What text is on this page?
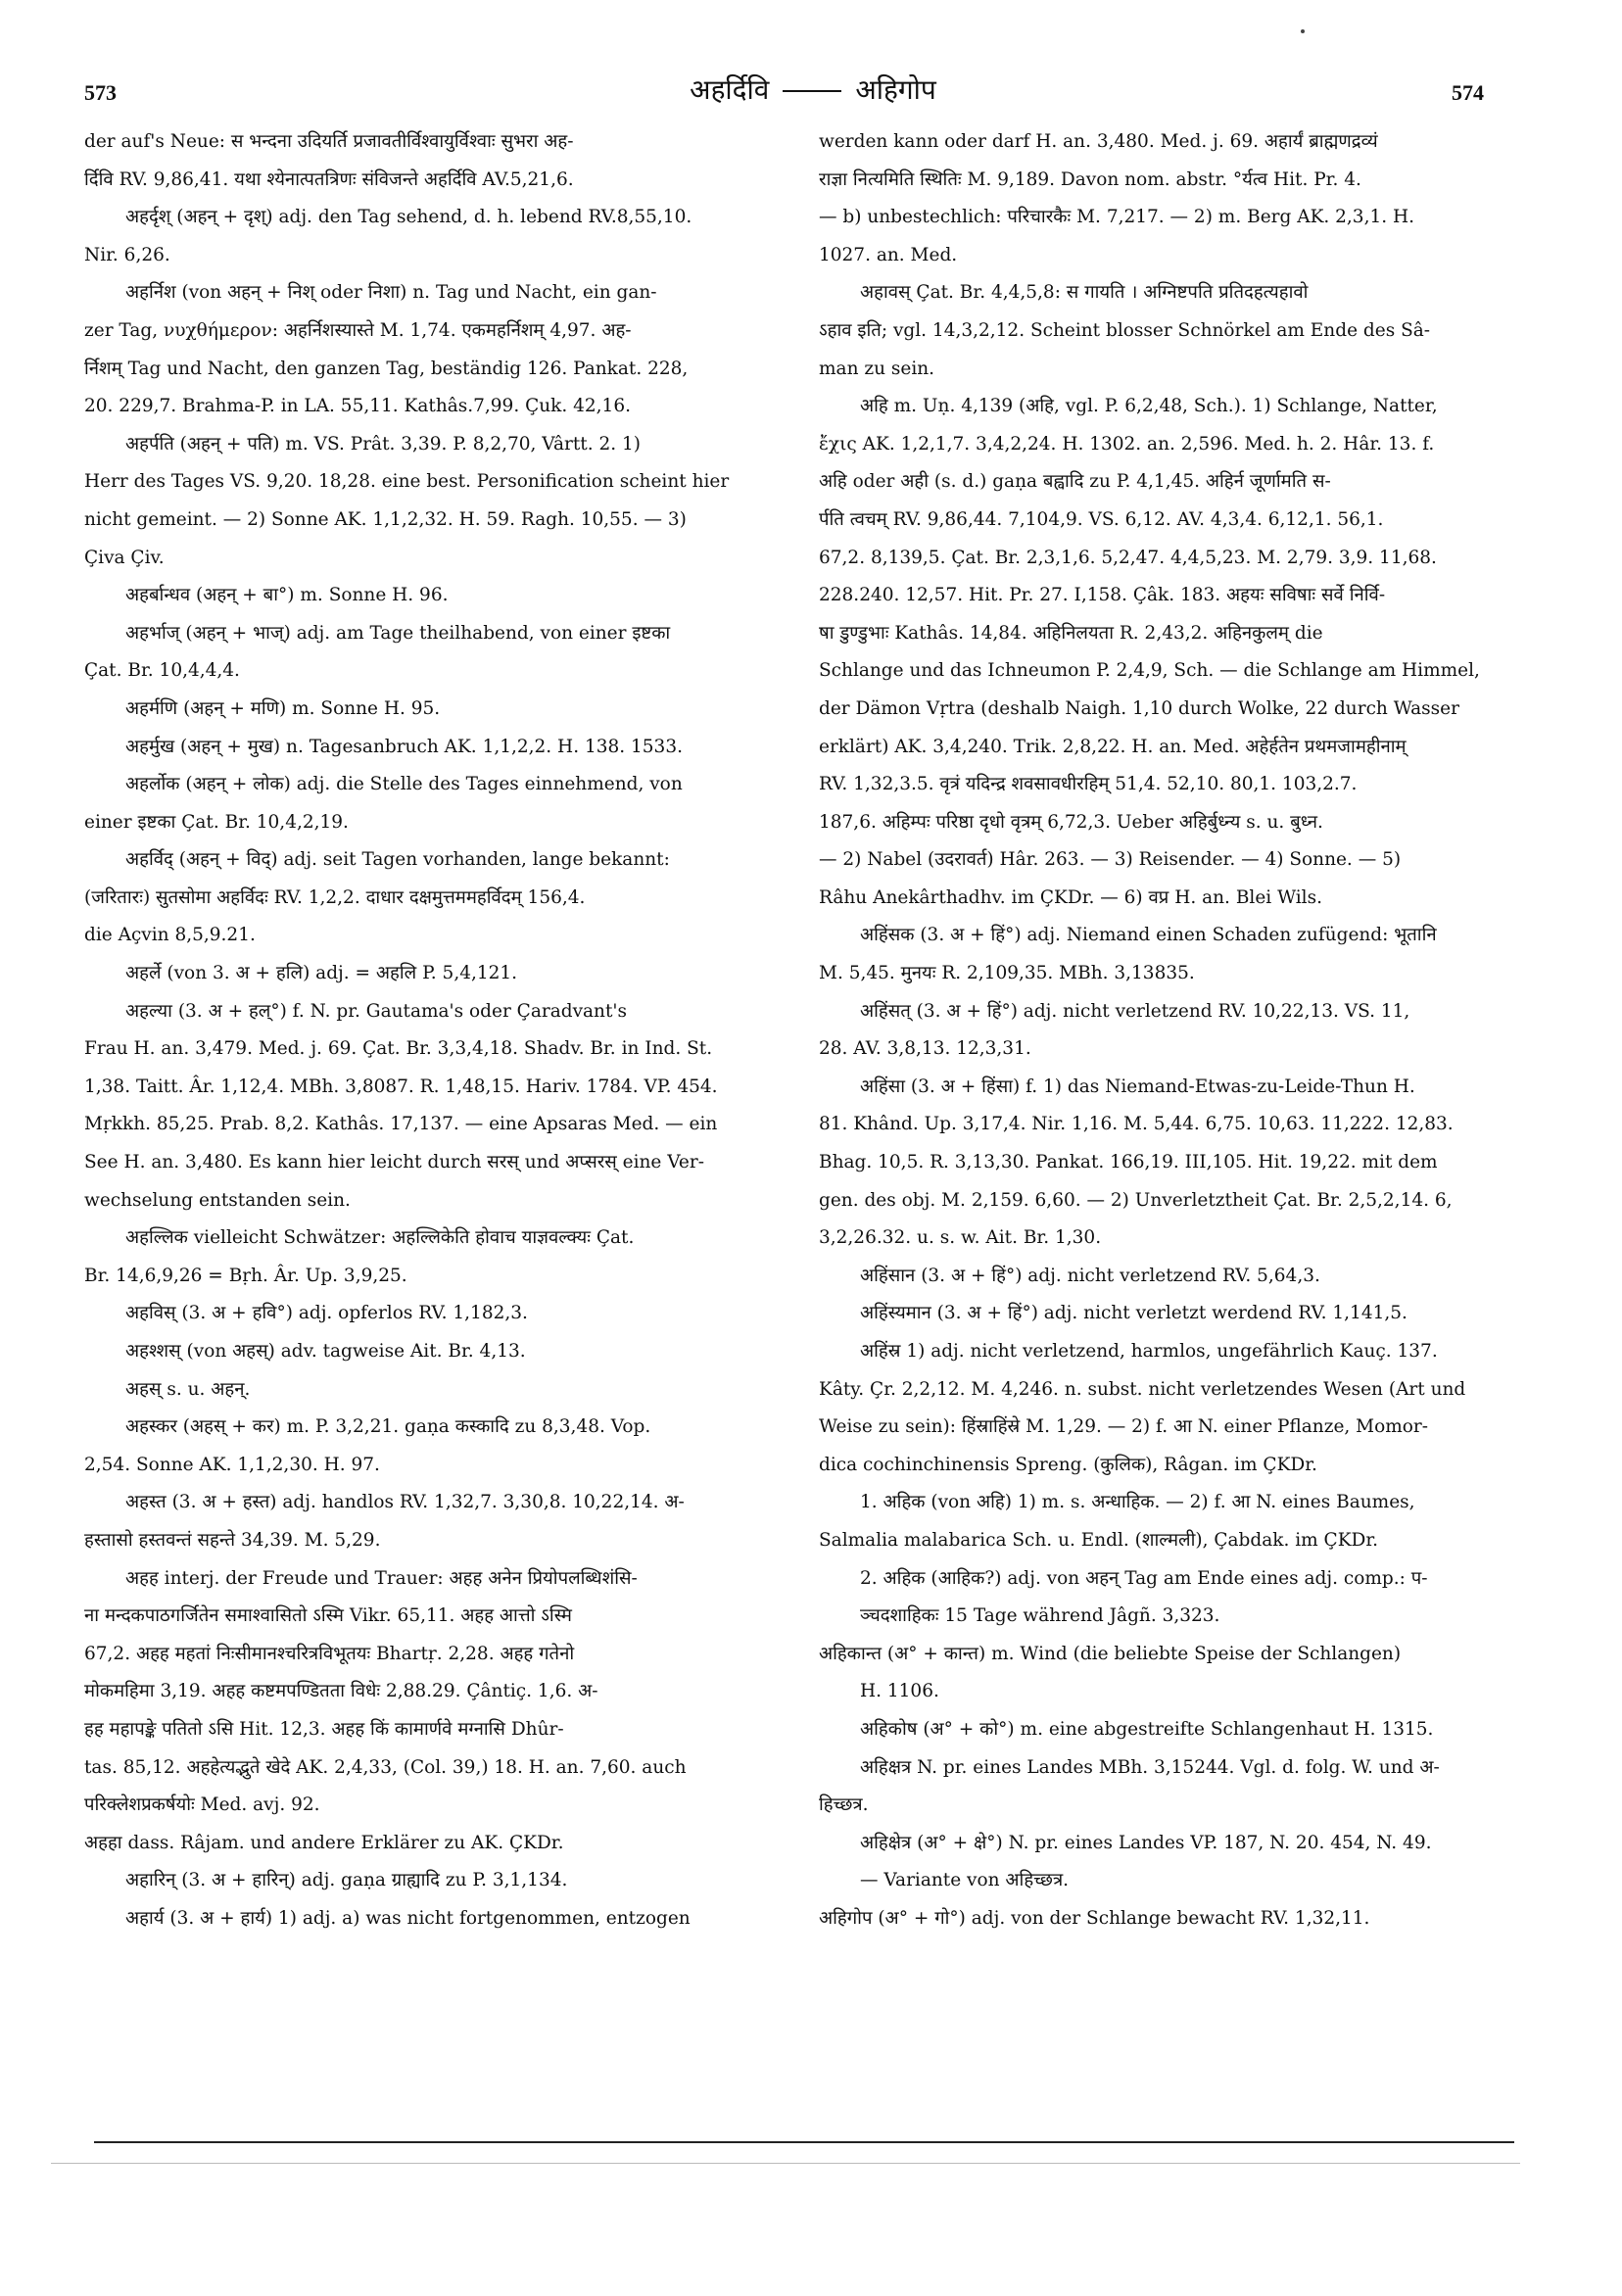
573	अहर्दिवि	अहिगोप	574
der auf's Neue: स भन्दना उदियर्ति प्रजावतीर्विश्वायुर्विश्वाः सुभरा अह-
र्दिवि RV. 9,86,41. यथा श्येनात्पतत्रिणः संविजन्ते अहर्दिवि AV.5,21,6.
अहर्दृश् (अहन् + दृश्) adj. den Tag sehend, d. h. lebend RV.8,55,10.
Nir. 6,26.
अहर्निश (von अहन् + निश् oder निशा) n. Tag und Nacht, ein gan-
zer Tag, νυχθήμερον: अहर्निशस्यास्ते M. 1,74. एकमहर्निशम् 4,97. अह-
र्निशम् Tag und Nacht, den ganzen Tag, beständig 126. Pankat. 228,
20. 229,7. Brahma-P. in LA. 55,11. Kathâs.7,99. Çuk. 42,16.
अहर्पति (अहन् + पति) m. VS. Prât. 3,39. P. 8,2,70, Vârtt. 2. 1)
Herr des Tages VS. 9,20. 18,28. eine best. Personification scheint hier
nicht gemeint. — 2) Sonne AK. 1,1,2,32. H. 59. Ragh. 10,55. — 3)
Çiva Çiv.
अहर्बान्धव (अहन् + बा°) m. Sonne H. 96.
अहर्भाज् (अहन् + भाज्) adj. am Tage theilhabend, von einer इष्टका
Çat. Br. 10,4,4,4.
अहर्मणि (अहन् + मणि) m. Sonne H. 95.
अहर्मुख (अहन् + मुख) n. Tagesanbruch AK. 1,1,2,2. H. 138. 1533.
अहर्लोक (अहन् + लोक) adj. die Stelle des Tages einnehmend, von
einer इष्टका Çat. Br. 10,4,2,19.
अहर्विद् (अहन् + विद्) adj. seit Tagen vorhanden, lange bekannt:
(जरितारः) सुतसोमा अहर्विदः RV. 1,2,2. दाधार दक्षमुत्तममहर्विदम् 156,4.
die Açvin 8,5,9.21.
अहर्ले (von 3. अ + हलि) adj. = अहलि P. 5,4,121.
अहल्या (3. अ + हल्°) f. N. pr. Gautama's oder Çaradvant's
Frau H. an. 3,479. Med. j. 69. Çat. Br. 3,3,4,18. Shadv. Br. in Ind. St.
1,38. Taitt. Âr. 1,12,4. MBh. 3,8087. R. 1,48,15. Hariv. 1784. VP. 454.
Mṛkkh. 85,25. Prab. 8,2. Kathâs. 17,137. — eine Apsaras Med. — ein
See H. an. 3,480. Es kann hier leicht durch सरस् und अप्सरस् eine Ver-
wechselung entstanden sein.
अहल्लिक vielleicht Schwätzer: अहल्लिकेति होवाच याज्ञवल्क्यः Çat.
Br. 14,6,9,26 = Bṛh. Âr. Up. 3,9,25.
अहविस् (3. अ + हवि°) adj. opferlos RV. 1,182,3.
अहश्शस् (von अहस्) adv. tagweise Ait. Br. 4,13.
अहस् s. u. अहन्.
अहस्कर (अहस् + कर) m. P. 3,2,21. gaṇa कस्कादि zu 8,3,48. Vop.
2,54. Sonne AK. 1,1,2,30. H. 97.
अहस्त (3. अ + हस्त) adj. handlos RV. 1,32,7. 3,30,8. 10,22,14. अ-
हस्तासो हस्तवन्तं सहन्ते 34,39. M. 5,29.
अहह interj. der Freude und Trauer: अहह अनेन प्रियोपलब्धिशंसि-
ना मन्दकपाठगर्जितेन समाश्वासितो ऽस्मि Vikr. 65,11. अहह आत्तो ऽस्मि
67,2. अहह महतां निःसीमानश्चरित्रविभूतयः Bhartṛ. 2,28. अहह गतेनो
मोकमहिमा 3,19. अहह कष्टमपण्डितता विधेः 2,88.29. Çântiç. 1,6. अ-
हह महापङ्के पतितो ऽसि Hit. 12,3. अहह किं कामार्णवे मग्नासि Dhûr-
tas. 85,12. अहहेत्यद्भुते खेदे AK. 2,4,33, (Col. 39,) 18. H. an. 7,60. auch
परिक्लेशप्रकर्षयोः Med. avj. 92.
अहहा dass. Râjam. und andere Erklärer zu AK. ÇKDr.
अहारिन् (3. अ + हारिन्) adj. gaṇa ग्राह्यादि zu P. 3,1,134.
अहार्य (3. अ + हार्य) 1) adj. a) was nicht fortgenommen, entzogen
werden kann oder darf H. an. 3,480. Med. j. 69. अहार्यं ब्राह्मणद्रव्यं
राज्ञा नित्यमिति स्थितिः M. 9,189. Davon nom. abstr. °र्यत्व Hit. Pr. 4.
— b) unbestechlich: परिचारकैः M. 7,217. — 2) m. Berg AK. 2,3,1. H.
1027. an. Med.
अहावस् Çat. Br. 4,4,5,8: स गायति । अग्निष्टपति प्रतिदहत्यहावो
ऽहाव इति; vgl. 14,3,2,12. Scheint blosser Schnörkel am Ende des Sâ-
man zu sein.
अहि m. Uṇ. 4,139 (अहि, vgl. P. 6,2,48, Sch.). 1) Schlange, Natter,
ἔχις AK. 1,2,1,7. 3,4,2,24. H. 1302. an. 2,596. Med. h. 2. Hâr. 13. f.
अहि oder अही (s. d.) gaṇa बह्वादि zu P. 4,1,45. अहिर्न जूर्णामति स-
र्पति त्वचम् RV. 9,86,44. 7,104,9. VS. 6,12. AV. 4,3,4. 6,12,1. 56,1.
67,2. 8,139,5. Çat. Br. 2,3,1,6. 5,2,47. 4,4,5,23. M. 2,79. 3,9. 11,68.
228.240. 12,57. Hit. Pr. 27. I,158. Çâk. 183. अहयः सविषाः सर्वे निर्वि-
षा डुण्डुभाः Kathâs. 14,84. अहिनिलयता R. 2,43,2. अहिनकुलम् die
Schlange und das Ichneumon P. 2,4,9, Sch. — die Schlange am Himmel,
der Dämon Vṛtra (deshalb Naigh. 1,10 durch Wolke, 22 durch Wasser
erklärt) AK. 3,4,240. Trik. 2,8,22. H. an. Med. अहेर्हतेन प्रथमजामहीनाम्
RV. 1,32,3.5. वृत्रं यदिन्द्र शवसावधीरहिम् 51,4. 52,10. 80,1. 103,2.7.
187,6. अहिम्पः परिष्ठा दृधो वृत्रम् 6,72,3. Ueber अहिर्बुध्न्य s. u. बुध्न.
— 2) Nabel (उदरावर्त) Hâr. 263. — 3) Reisender. — 4) Sonne. — 5)
Râhu Anekârthadhv. im ÇKDr. — 6) वप्र H. an. Blei Wils.
अहिंसक (3. अ + हिं°) adj. Niemand einen Schaden zufügend: भूतानि
M. 5,45. मुनयः R. 2,109,35. MBh. 3,13835.
अहिंसत् (3. अ + हिं°) adj. nicht verletzend RV. 10,22,13. VS. 11,
28. AV. 3,8,13. 12,3,31.
अहिंसा (3. अ + हिंसा) f. 1) das Niemand-Etwas-zu-Leide-Thun H.
81. Khând. Up. 3,17,4. Nir. 1,16. M. 5,44. 6,75. 10,63. 11,222. 12,83.
Bhag. 10,5. R. 3,13,30. Pankat. 166,19. III,105. Hit. 19,22. mit dem
gen. des obj. M. 2,159. 6,60. — 2) Unverletztheit Çat. Br. 2,5,2,14. 6,
3,2,26.32. u. s. w. Ait. Br. 1,30.
अहिंसान (3. अ + हिं°) adj. nicht verletzend RV. 5,64,3.
अहिंस्यमान (3. अ + हिं°) adj. nicht verletzt werdend RV. 1,141,5.
अहिंस्र 1) adj. nicht verletzend, harmlos, ungefährlich Kauç. 137.
Kâty. Çr. 2,2,12. M. 4,246. n. subst. nicht verletzendes Wesen (Art und
Weise zu sein): हिंस्राहिंस्रे M. 1,29. — 2) f. आ N. einer Pflanze, Momor-
dica cochinchinensis Spreng. (कुलिक), Râgan. im ÇKDr.
1. अहिक (von अहि) 1) m. s. अन्धाहिक. — 2) f. आ N. eines Baumes,
Salmalia malabarica Sch. u. Endl. (शाल्मली), Çabdak. im ÇKDr.
2. अहिक (आहिक?) adj. von अहन् Tag am Ende eines adj. comp.: प-
ञ्चदशाहिकः 15 Tage während Jâgñ. 3,323.
अहिकान्त (अ° + कान्त) m. Wind (die beliebte Speise der Schlangen)
H. 1106.
अहिकोष (अ° + को°) m. eine abgestreifte Schlangenhaut H. 1315.
अहिक्षत्र N. pr. eines Landes MBh. 3,15244. Vgl. d. folg. W. und अ-
हिच्छत्र.
अहिक्षेत्र (अ° + क्षे°) N. pr. eines Landes VP. 187, N. 20. 454, N. 49.
— Variante von अहिच्छत्र.
अहिगोप (अ° + गो°) adj. von der Schlange bewacht RV. 1,32,11.
